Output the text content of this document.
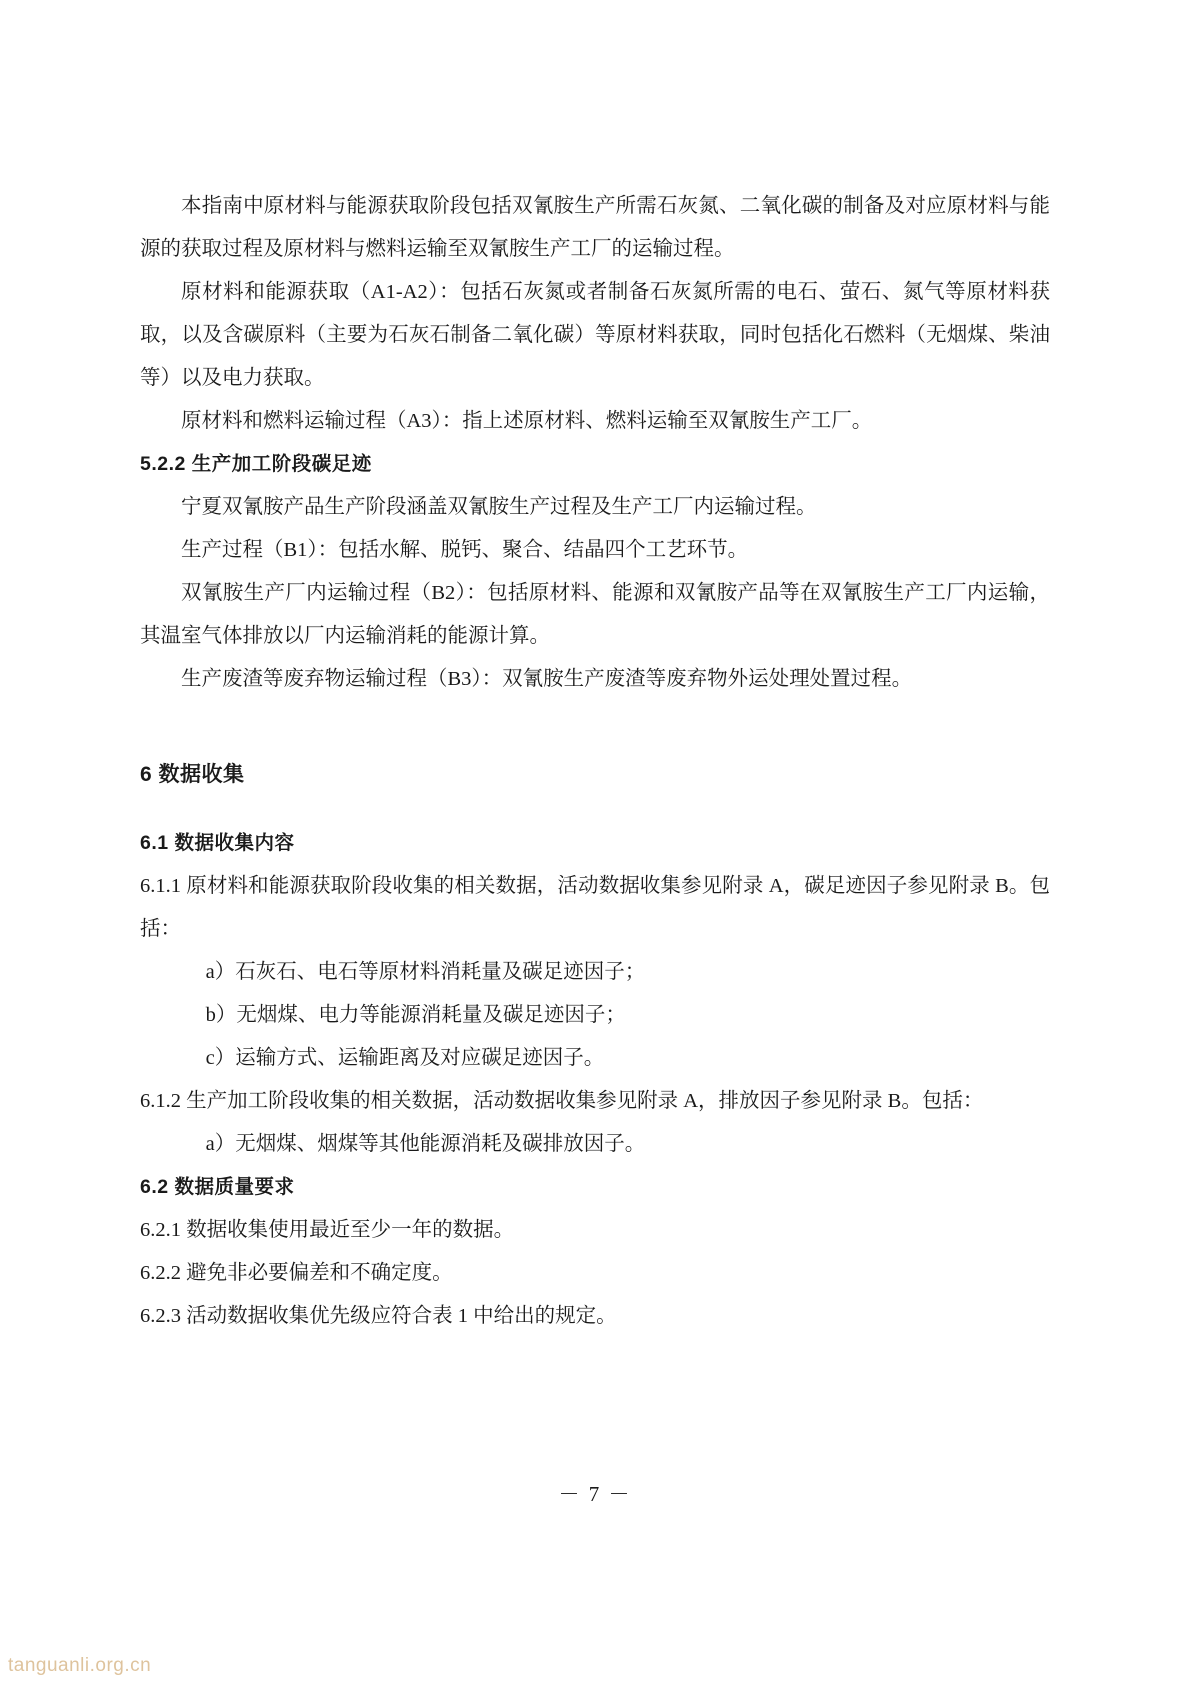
本指南中原材料与能源获取阶段包括双氰胺生产所需石灰氮、二氧化碳的制备及对应原材料与能源的获取过程及原材料与燃料运输至双氰胺生产工厂的运输过程。

原材料和能源获取（A1-A2）：包括石灰氮或者制备石灰氮所需的电石、萤石、氮气等原材料获取，以及含碳原料（主要为石灰石制备二氧化碳）等原材料获取，同时包括化石燃料（无烟煤、柴油等）以及电力获取。

原材料和燃料运输过程（A3）：指上述原材料、燃料运输至双氰胺生产工厂。

5.2.2 生产加工阶段碳足迹

宁夏双氰胺产品生产阶段涵盖双氰胺生产过程及生产工厂内运输过程。

生产过程（B1）：包括水解、脱钙、聚合、结晶四个工艺环节。

双氰胺生产厂内运输过程（B2）：包括原材料、能源和双氰胺产品等在双氰胺生产工厂内运输，其温室气体排放以厂内运输消耗的能源计算。

生产废渣等废弃物运输过程（B3）：双氰胺生产废渣等废弃物外运处理处置过程。

6 数据收集
6.1 数据收集内容

6.1.1 原材料和能源获取阶段收集的相关数据，活动数据收集参见附录 A，碳足迹因子参见附录 B。包括：

a）石灰石、电石等原材料消耗量及碳足迹因子；

b）无烟煤、电力等能源消耗量及碳足迹因子；

c）运输方式、运输距离及对应碳足迹因子。

6.1.2 生产加工阶段收集的相关数据，活动数据收集参见附录 A，排放因子参见附录 B。包括：

a）无烟煤、烟煤等其他能源消耗及碳排放因子。

6.2 数据质量要求

6.2.1 数据收集使用最近至少一年的数据。

6.2.2 避免非必要偏差和不确定度。

6.2.3 活动数据收集优先级应符合表 1 中给出的规定。

－ 7 －
tanguanli.org.cn
